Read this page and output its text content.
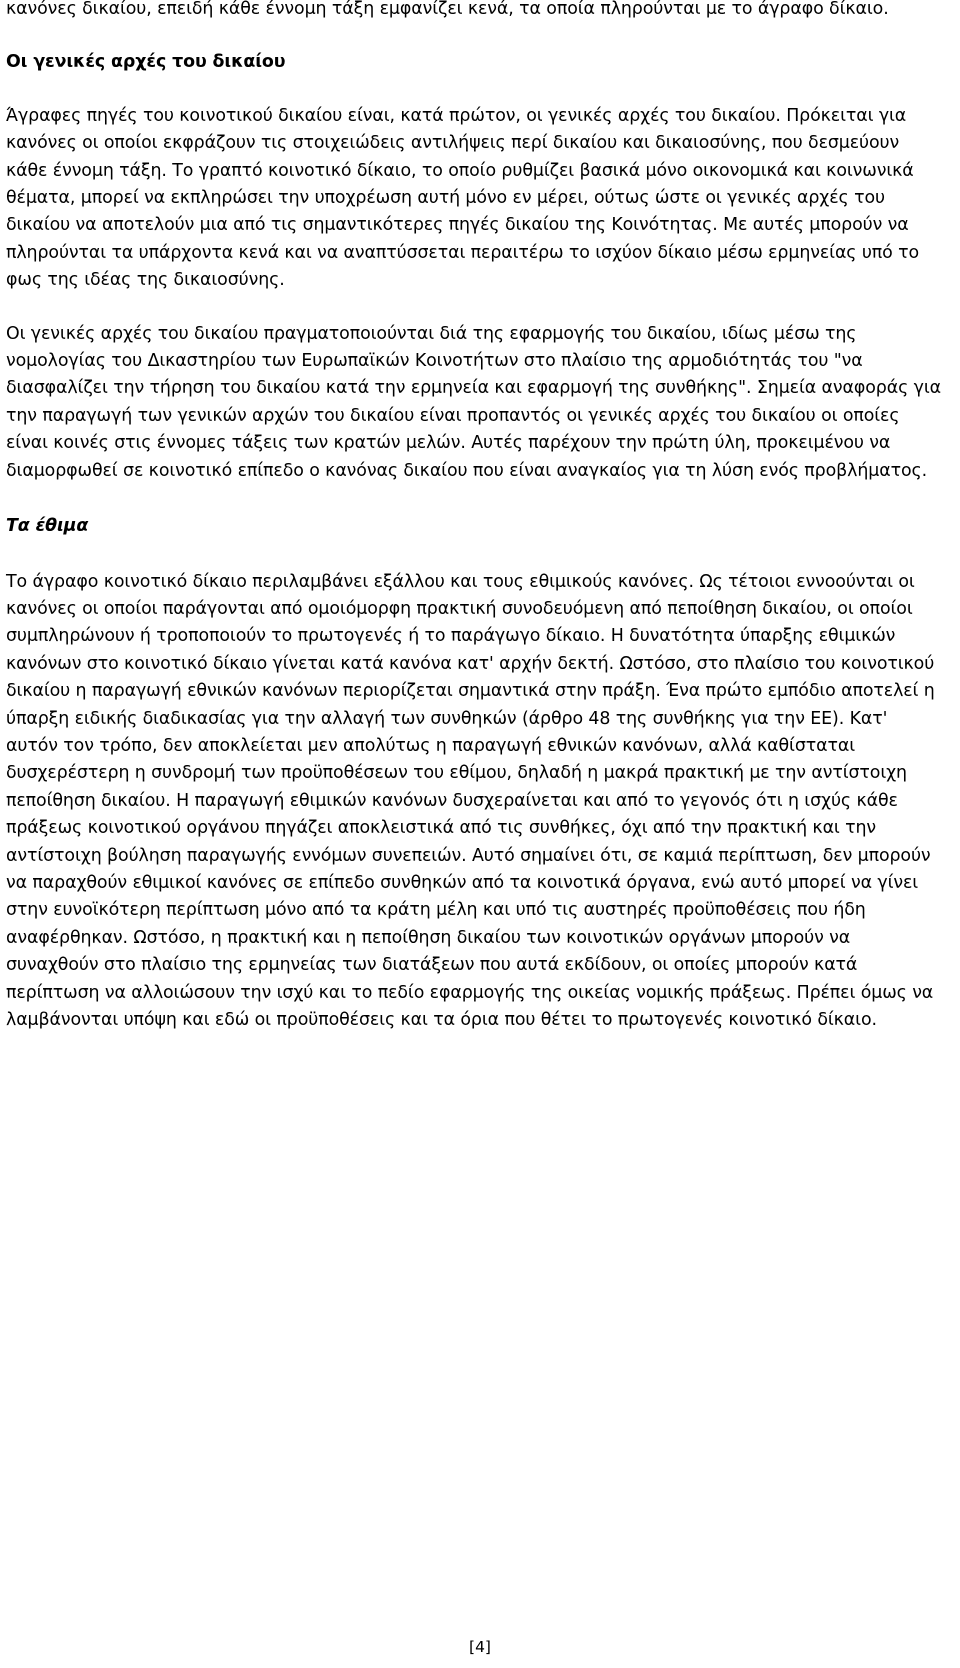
κανόνες δικαίου, επειδή κάθε έννομη τάξη εμφανίζει κενά, τα οποία πληρούνται με το άγραφο δίκαιο.

Οι γενικές αρχές του δικαίου

Άγραφες πηγές του κοινοτικού δικαίου είναι, κατά πρώτον, οι γενικές αρχές του δικαίου. Πρόκειται για κανόνες οι οποίοι εκφράζουν τις στοιχειώδεις αντιλήψεις περί δικαίου και δικαιοσύνης, που δεσμεύουν κάθε έννομη τάξη. Το γραπτό κοινοτικό δίκαιο, το οποίο ρυθμίζει βασικά μόνο οικονομικά και κοινωνικά θέματα, μπορεί να εκπληρώσει την υποχρέωση αυτή μόνο εν μέρει, ούτως ώστε οι γενικές αρχές του δικαίου να αποτελούν μια από τις σημαντικότερες πηγές δικαίου της Κοινότητας. Με αυτές μπορούν να πληρούνται τα υπάρχοντα κενά και να αναπτύσσεται περαιτέρω το ισχύον δίκαιο μέσω ερμηνείας υπό το φως της ιδέας της δικαιοσύνης.

Οι γενικές αρχές του δικαίου πραγματοποιούνται διά της εφαρμογής του δικαίου, ιδίως μέσω της νομολογίας του Δικαστηρίου των Ευρωπαϊκών Κοινοτήτων στο πλαίσιο της αρμοδιότητάς του "να διασφαλίζει την τήρηση του δικαίου κατά την ερμηνεία και εφαρμογή της συνθήκης". Σημεία αναφοράς για την παραγωγή των γενικών αρχών του δικαίου είναι προπαντός οι γενικές αρχές του δικαίου οι οποίες είναι κοινές στις έννομες τάξεις των κρατών μελών. Αυτές παρέχουν την πρώτη ύλη, προκειμένου να διαμορφωθεί σε κοινοτικό επίπεδο ο κανόνας δικαίου που είναι αναγκαίος για τη λύση ενός προβλήματος.

Τα έθιμα

Το άγραφο κοινοτικό δίκαιο περιλαμβάνει εξάλλου και τους εθιμικούς κανόνες. Ως τέτοιοι εννοούνται οι κανόνες οι οποίοι παράγονται από ομοιόμορφη πρακτική συνοδευόμενη από πεποίθηση δικαίου, οι οποίοι συμπληρώνουν ή τροποποιούν το πρωτογενές ή το παράγωγο δίκαιο. Η δυνατότητα ύπαρξης εθιμικών κανόνων στο κοινοτικό δίκαιο γίνεται κατά κανόνα κατ' αρχήν δεκτή. Ωστόσο, στο πλαίσιο του κοινοτικού δικαίου η παραγωγή εθνικών κανόνων περιορίζεται σημαντικά στην πράξη. Ένα πρώτο εμπόδιο αποτελεί η ύπαρξη ειδικής διαδικασίας για την αλλαγή των συνθηκών (άρθρο 48 της συνθήκης για την ΕΕ). Κατ' αυτόν τον τρόπο, δεν αποκλείεται μεν απολύτως η παραγωγή εθνικών κανόνων, αλλά καθίσταται δυσχερέστερη η συνδρομή των προϋποθέσεων του εθίμου, δηλαδή η μακρά πρακτική με την αντίστοιχη πεποίθηση δικαίου. Η παραγωγή εθιμικών κανόνων δυσχεραίνεται και από το γεγονός ότι η ισχύς κάθε πράξεως κοινοτικού οργάνου πηγάζει αποκλειστικά από τις συνθήκες, όχι από την πρακτική και την αντίστοιχη βούληση παραγωγής εννόμων συνεπειών. Αυτό σημαίνει ότι, σε καμιά περίπτωση, δεν μπορούν να παραχθούν εθιμικοί κανόνες σε επίπεδο συνθηκών από τα κοινοτικά όργανα, ενώ αυτό μπορεί να γίνει στην ευνοϊκότερη περίπτωση μόνο από τα κράτη μέλη και υπό τις αυστηρές προϋποθέσεις που ήδη αναφέρθηκαν. Ωστόσο, η πρακτική και η πεποίθηση δικαίου των κοινοτικών οργάνων μπορούν να συναχθούν στο πλαίσιο της ερμηνείας των διατάξεων που αυτά εκδίδουν, οι οποίες μπορούν κατά περίπτωση να αλλοιώσουν την ισχύ και το πεδίο εφαρμογής της οικείας νομικής πράξεως. Πρέπει όμως να λαμβάνονται υπόψη και εδώ οι προϋποθέσεις και τα όρια που θέτει το πρωτογενές κοινοτικό δίκαιο.

[4]
